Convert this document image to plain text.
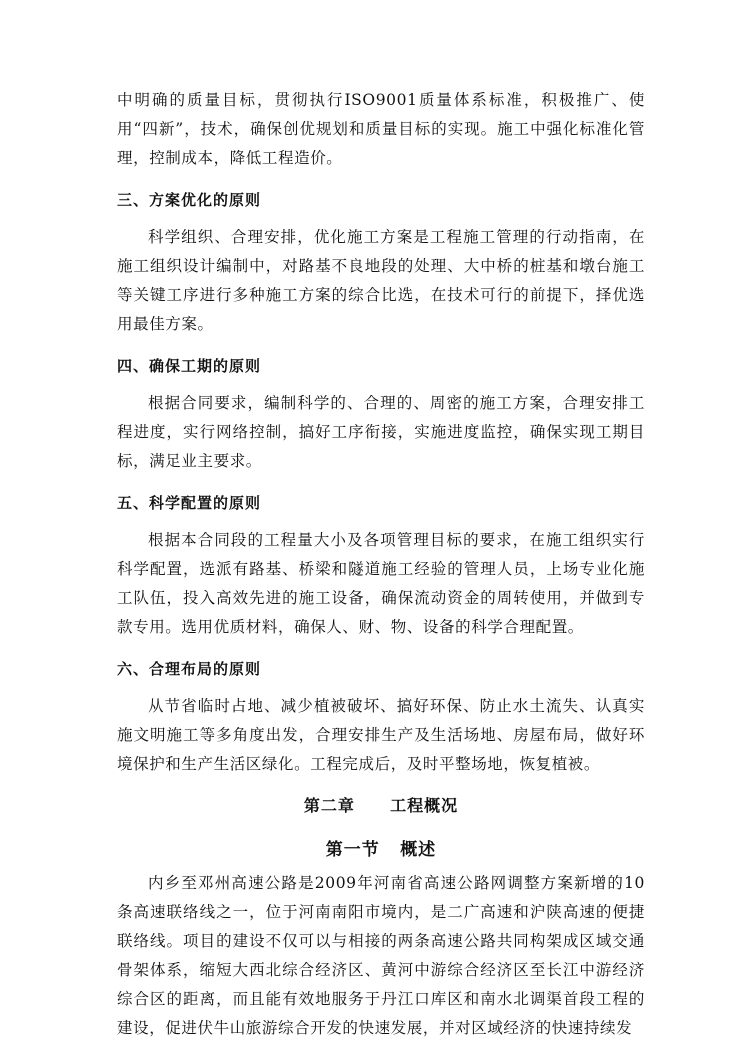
中明确的质量目标，贯彻执行ISO9001质量体系标准，积极推广、使用“四新”，技术，确保创优规划和质量目标的实现。施工中强化标准化管理，控制成本，降低工程造价。

三、方案优化的原则

科学组织、合理安排，优化施工方案是工程施工管理的行动指南，在施工组织设计编制中，对路基不良地段的处理、大中桥的桩基和墩台施工等关键工序进行多种施工方案的综合比选，在技术可行的前提下，择优选用最佳方案。

四、确保工期的原则

根据合同要求，编制科学的、合理的、周密的施工方案，合理安排工程进度，实行网络控制，搞好工序衔接，实施进度监控，确保实现工期目标，满足业主要求。

五、科学配置的原则

根据本合同段的工程量大小及各项管理目标的要求，在施工组织实行科学配置，选派有路基、桥梁和隧道施工经验的管理人员，上场专业化施工队伍，投入高效先进的施工设备，确保流动资金的周转使用，并做到专款专用。选用优质材料，确保人、财、物、设备的科学合理配置。

六、合理布局的原则

从节省临时占地、减少植被破坏、搞好环保、防止水土流失、认真实施文明施工等多角度出发，合理安排生产及生活场地、房屋布局，做好环境保护和生产生活区绿化。工程完成后，及时平整场地，恢复植被。

第二章 工程概况
第一节 概述

内乡至邓州高速公路是2009年河南省高速公路网调整方案新增的10条高速联络线之一，位于河南南阳市境内，是二广高速和沪陕高速的便捷联络线。项目的建设不仅可以与相接的两条高速公路共同构架成区域交通骨架体系，缩短大西北综合经济区、黄河中游综合经济区至长江中游经济综合区的距离，而且能有效地服务于丹江口库区和南水北调渠首段工程的建设，促进伏牛山旅游综合开发的快速发展，并对区域经济的快速持续发
